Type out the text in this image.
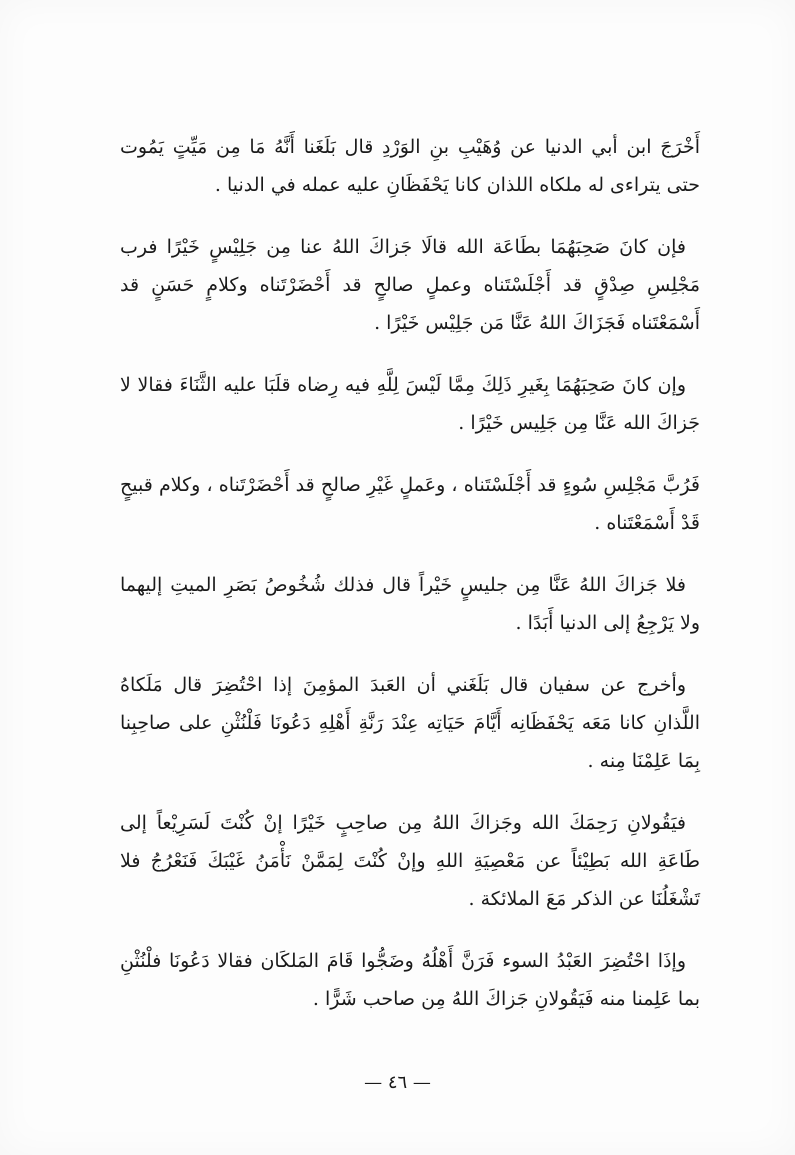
أَخْرَجَ ابن أبي الدنيا عن وُهَيْبِ بنِ الوَرْدِ قال بَلَغَنا أَنَّهُ مَا مِن مَيِّتٍ يَمُوت حتى يتراءى له ملكاه اللذان كانا يَحْفَظَانِ عليه عمله في الدنيا .

فإن كانَ صَحِبَهُمَا بطَاعَة الله قالَا جَزاكَ اللهُ عنا مِن جَلِيْسٍ خَيْرًا فرب مَجْلِسِ صِدْقٍ قد أَجْلَسْتَناه وعملٍ صالحٍ قد أَحْضَرْتَناه وكلامٍ حَسَنٍ قد أَسْمَعْتَناه فَجَزَاكَ اللهُ عَنَّا مَن جَلِيْس خَيْرًا .

وإن كانَ صَحِبَهُمَا بِغَيرِ ذَلِكَ مِمَّا لَيْسَ لِلَّهِ فيه رِضاه قلَبَا عليه الثَّنَاءَ فقالا لا جَزاكَ الله عَنَّا مِن جَلِيس خَيْرًا .

فَرُبَّ مَجْلِسِ سُوءٍ قد أَجْلَسْتَناه ، وعَملٍ غَيْرِ صالحٍ قد أَحْضَرْتَناه ، وكلام قبيحٍ قَدْ أَسْمَعْتَناه .

فلا جَزاكَ اللهُ عَنَّا مِن جليسٍ خَيْراً قال فذلك شُخُوصُ بَصَرِ الميتِ إليهما ولا يَرْجِعُ إلى الدنيا أَبَدًا .

وأخرج عن سفيان قال بَلَغَني أن العَبدَ المؤمِنَ إذا احْتُضِرَ قال مَلَكاهُ اللَّذانِ كانا مَعَه يَحْفَظَانِه أَيَّامَ حَيَاتِه عِنْدَ رَنَّةِ أَهْلِهِ دَعُونَا فَلْنُثْنِ على صاحِبِنا بِمَا عَلِمْنَا مِنه .

فيَقُولانِ رَحِمَكَ الله وجَزاكَ اللهُ مِن صاحِبٍ خَيْرًا إنْ كُنْتَ لَسَرِيْعاً إلى طَاعَةِ الله بَطِيْئاً عن مَعْصِيَةِ اللهِ وإنْ كُنْتَ لِمَمَّنْ نَأْمَنُ غَيْبَكَ فَنَعْرُجُ فلا تَشْغَلُنَا عن الذكر مَعَ الملائكة .

وإذَا احْتُضِرَ العَبْدُ السوء فَرَنَّ أَهْلُهُ وضَجُّوا قَامَ المَلكَان فقالا دَعُونَا فلْنُثْنِ بما عَلِمنا منه فَيَقُولانِ جَزاكَ اللهُ مِن صاحب شَرًّا .

— ٤٦ —
